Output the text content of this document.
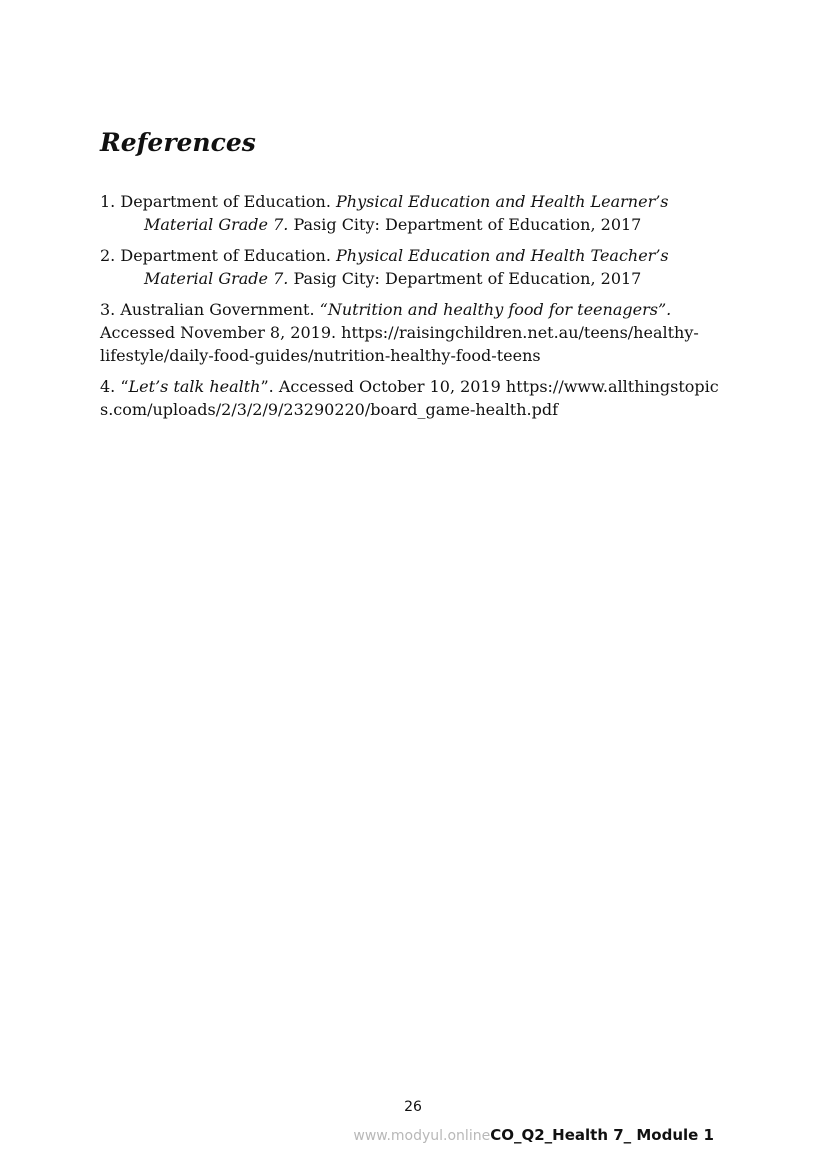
References

1. Department of Education. Physical Education and Health Learner’s Material Grade 7. Pasig City: Department of Education, 2017

2. Department of Education. Physical Education and Health Teacher’s Material Grade 7. Pasig City: Department of Education, 2017

3. Australian Government. “Nutrition and healthy food for teenagers”. Accessed November 8, 2019. https://raisingchildren.net.au/teens/healthy-lifestyle/daily-food-guides/nutrition-healthy-food-teens

4. “Let’s talk health”. Accessed October 10, 2019 https://www.allthingstopics.com/uploads/2/3/2/9/23290220/board_game-health.pdf

26
www.modyul.onlineCO_Q2_Health 7_ Module 1
